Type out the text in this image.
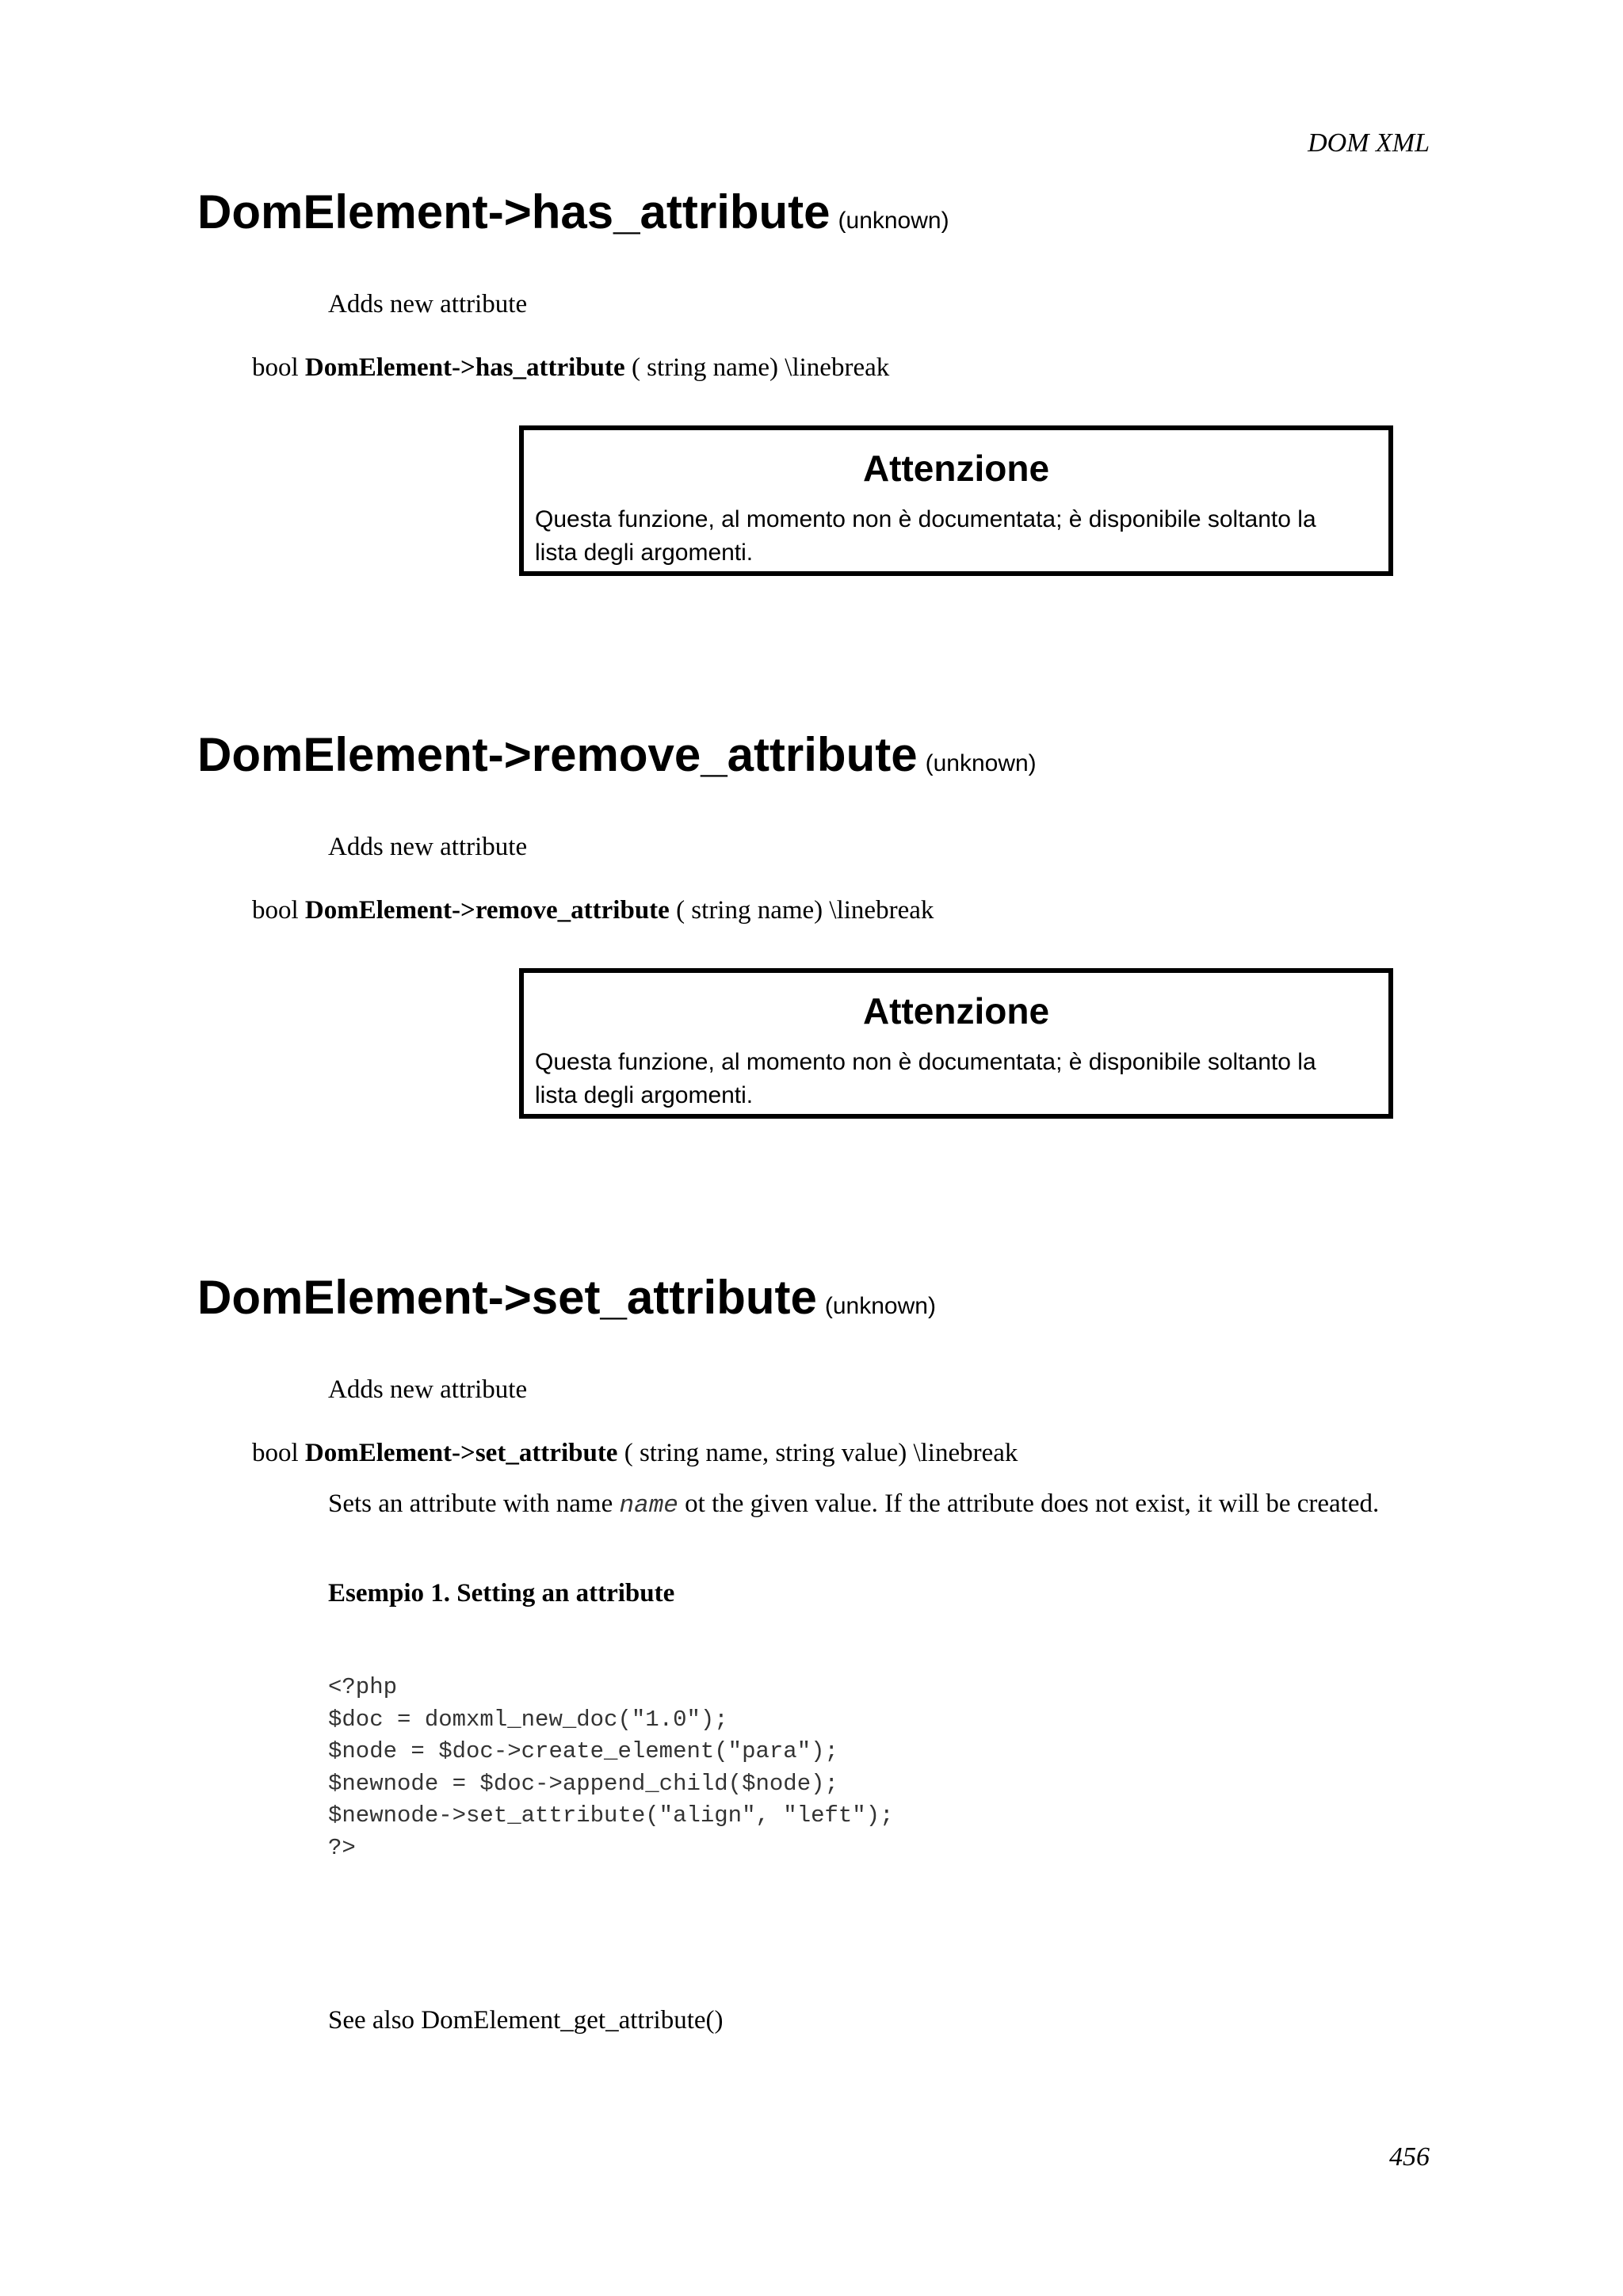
DOM XML
DomElement->has_attribute (unknown)
Adds new attribute
bool DomElement->has_attribute ( string name) \linebreak
Attenzione
Questa funzione, al momento non è documentata; è disponibile soltanto la lista degli argomenti.
DomElement->remove_attribute (unknown)
Adds new attribute
bool DomElement->remove_attribute ( string name) \linebreak
Attenzione
Questa funzione, al momento non è documentata; è disponibile soltanto la lista degli argomenti.
DomElement->set_attribute (unknown)
Adds new attribute
bool DomElement->set_attribute ( string name, string value) \linebreak
Sets an attribute with name name ot the given value. If the attribute does not exist, it will be created.
Esempio 1. Setting an attribute
<?php
$doc = domxml_new_doc("1.0");
$node = $doc->create_element("para");
$newnode = $doc->append_child($node);
$newnode->set_attribute("align", "left");
?>
See also DomElement_get_attribute()
456
